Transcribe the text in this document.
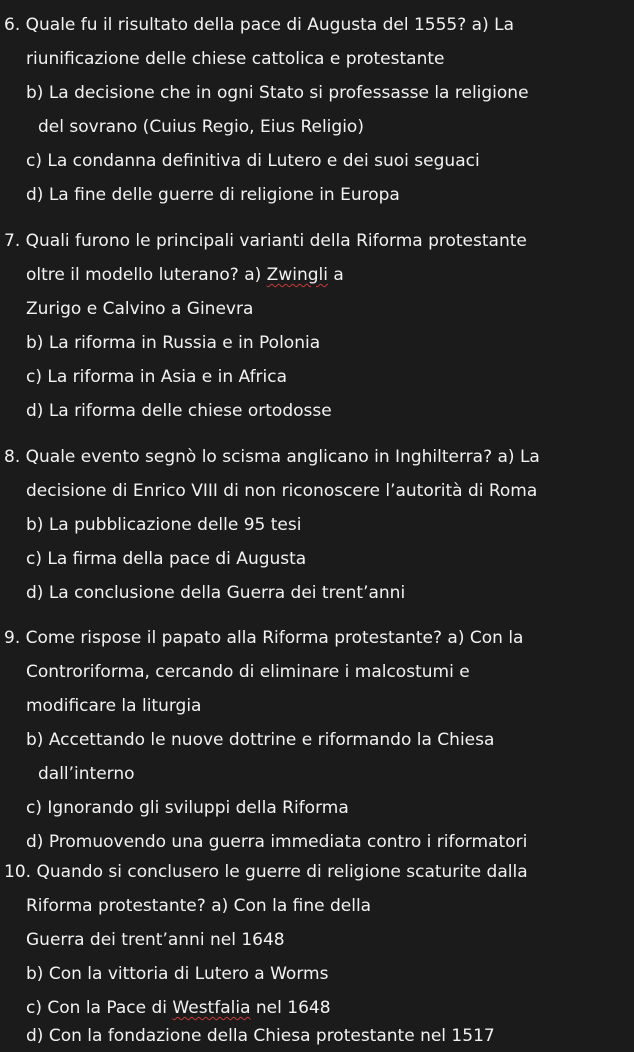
6. Quale fu il risultato della pace di Augusta del 1555? a) La
riunificazione delle chiese cattolica e protestante
b) La decisione che in ogni Stato si professasse la religione
del sovrano (Cuius Regio, Eius Religio)
c) La condanna definitiva di Lutero e dei suoi seguaci
d) La fine delle guerre di religione in Europa
7. Quali furono le principali varianti della Riforma protestante
oltre il modello luterano? a) Zwingli a
Zurigo e Calvino a Ginevra
b) La riforma in Russia e in Polonia
c) La riforma in Asia e in Africa
d) La riforma delle chiese ortodosse
8. Quale evento segnò lo scisma anglicano in Inghilterra? a) La
decisione di Enrico VIII di non riconoscere l’autorità di Roma
b) La pubblicazione delle 95 tesi
c) La firma della pace di Augusta
d) La conclusione della Guerra dei trent’anni
9. Come rispose il papato alla Riforma protestante? a) Con la
Controriforma, cercando di eliminare i malcostumi e
modificare la liturgia
b) Accettando le nuove dottrine e riformando la Chiesa
dall’interno
c) Ignorando gli sviluppi della Riforma
d) Promuovendo una guerra immediata contro i riformatori
10. Quando si conclusero le guerre di religione scaturite dalla
Riforma protestante? a) Con la fine della
Guerra dei trent’anni nel 1648
b) Con la vittoria di Lutero a Worms
c) Con la Pace di Westfalia nel 1648
d) Con la fondazione della Chiesa protestante nel 1517
